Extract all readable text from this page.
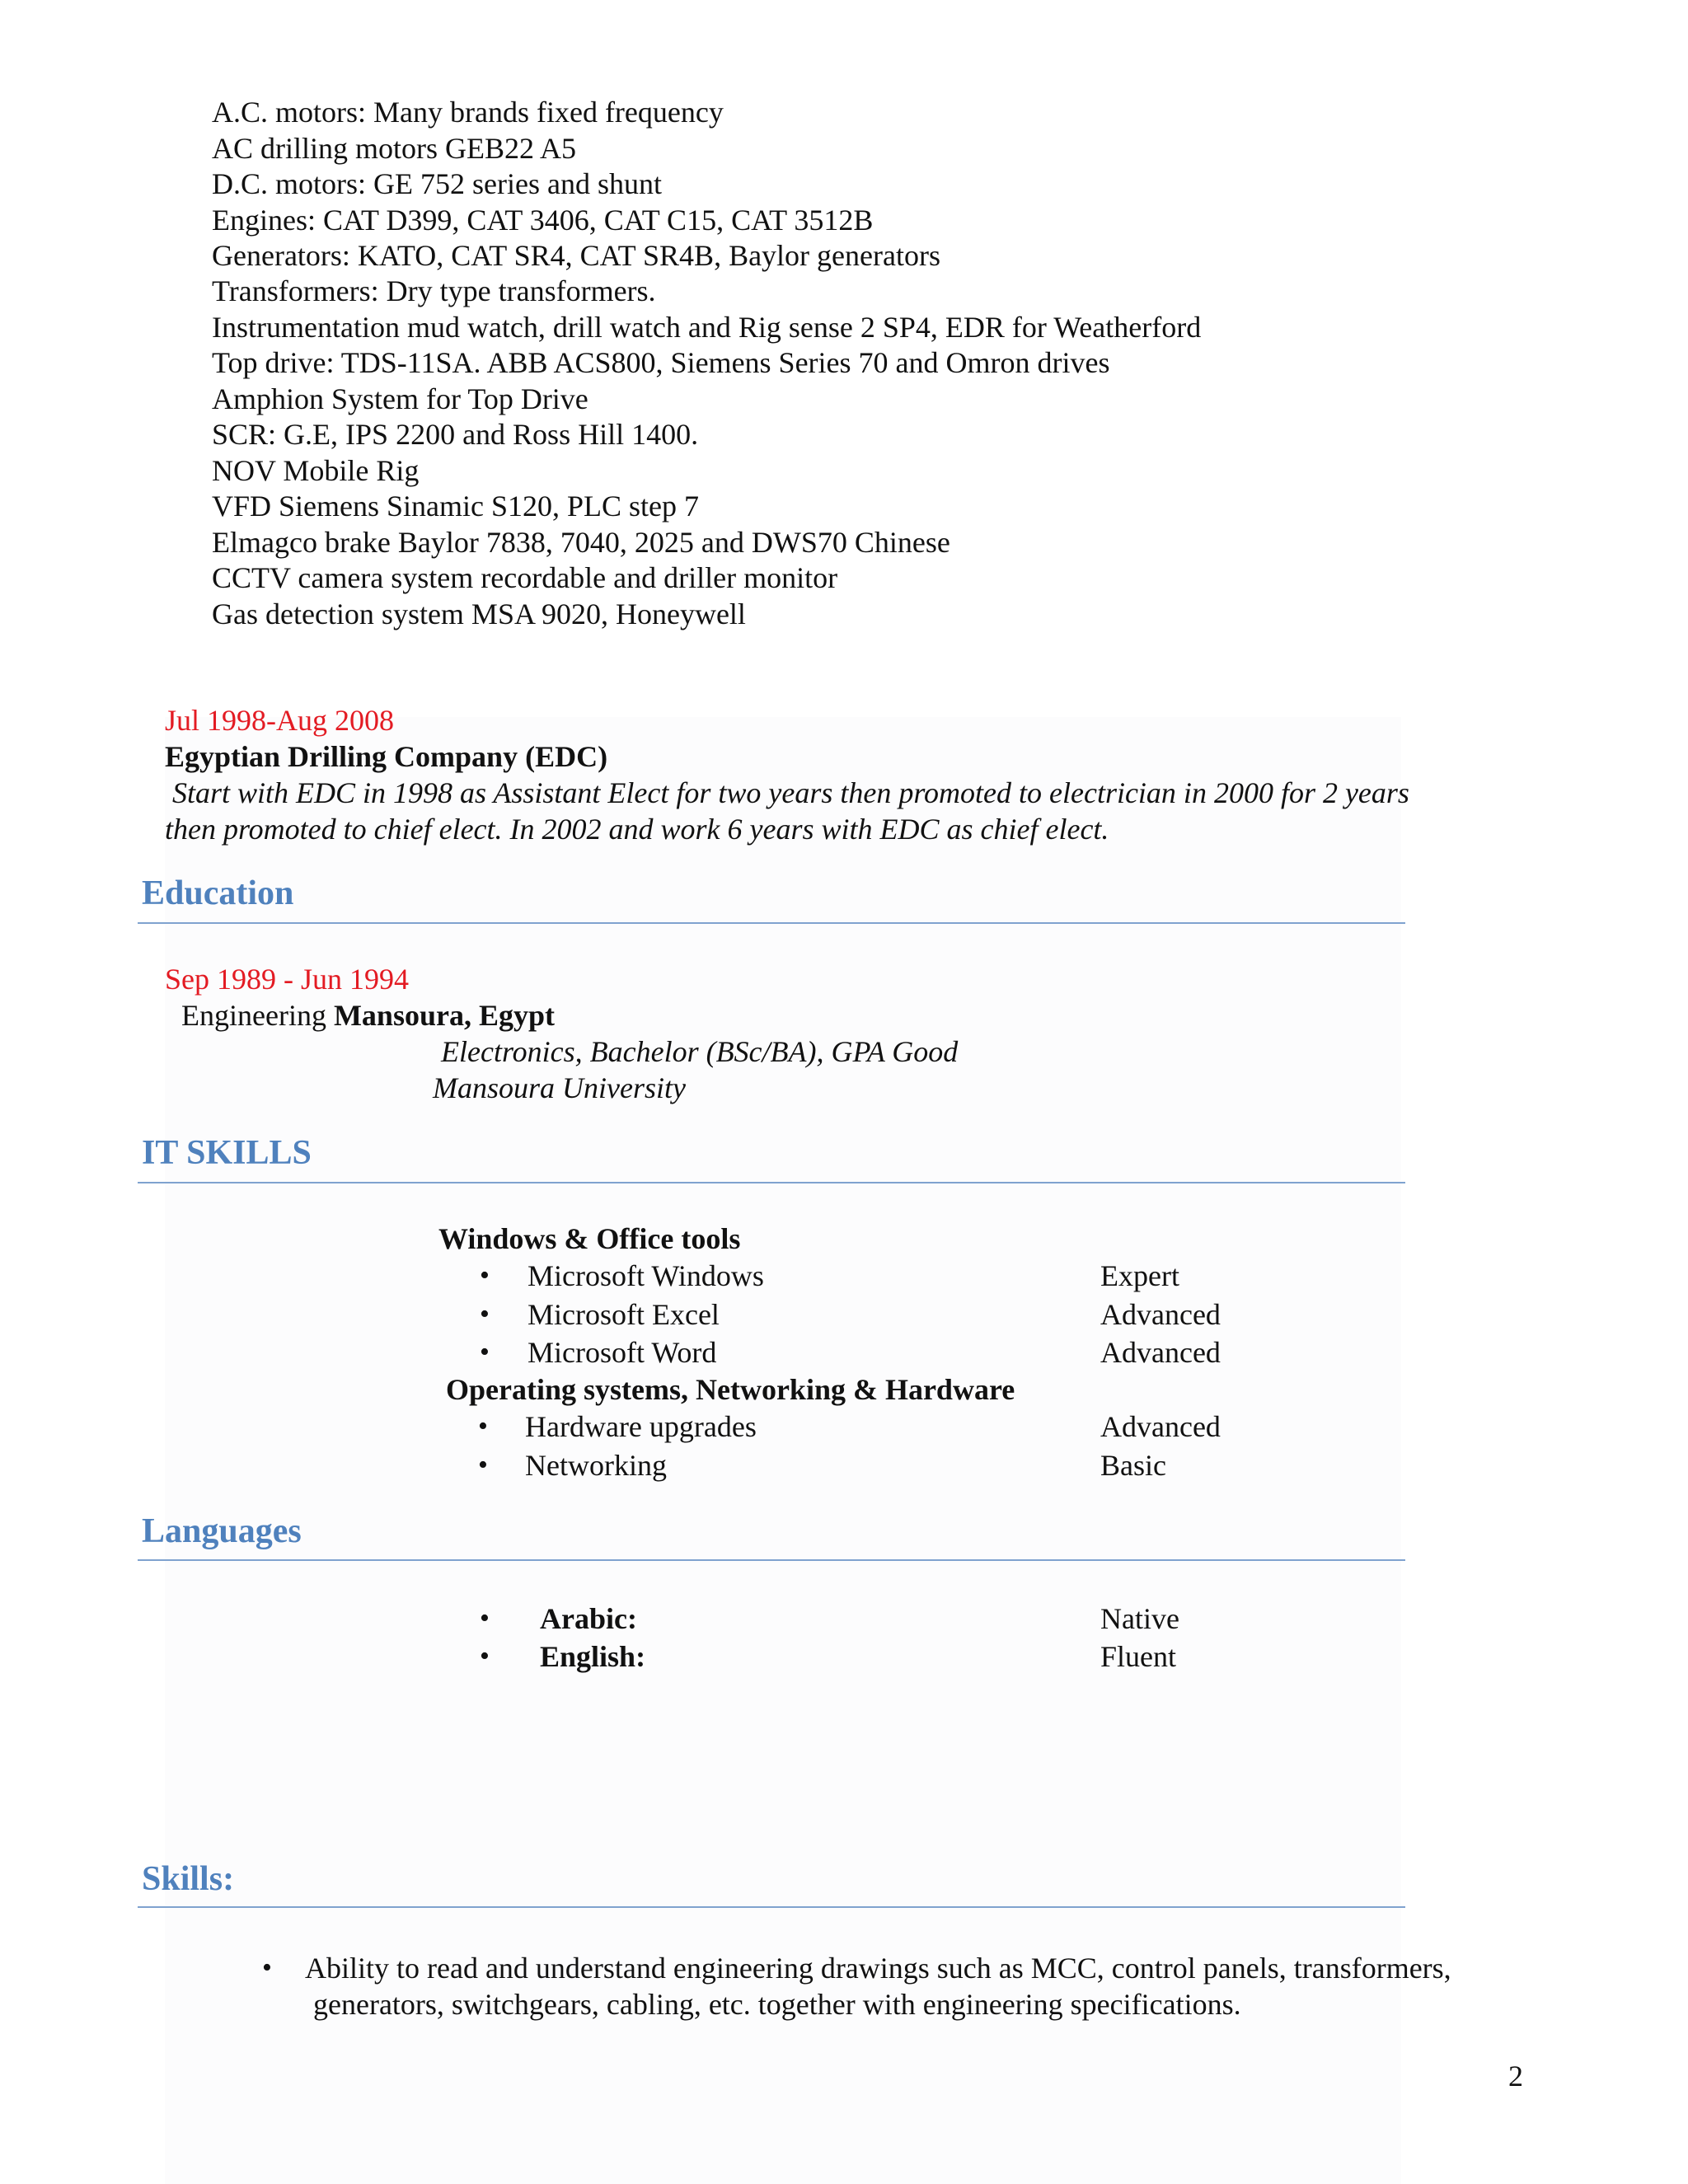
A.C. motors: Many brands fixed frequency

AC drilling motors GEB22 A5

D.C. motors: GE 752 series and shunt

Engines: CAT D399, CAT 3406, CAT C15, CAT 3512B

Generators: KATO, CAT SR4, CAT SR4B, Baylor generators

Transformers: Dry type transformers.

Instrumentation mud watch, drill watch and Rig sense 2 SP4, EDR for Weatherford

Top drive: TDS-11SA. ABB ACS800, Siemens Series 70 and Omron drives

Amphion System for Top Drive

SCR: G.E, IPS 2200 and Ross Hill 1400.

NOV Mobile Rig

VFD Siemens Sinamic S120, PLC step 7

Elmagco brake Baylor 7838, 7040, 2025 and DWS70 Chinese

CCTV camera system recordable and driller monitor

Gas detection system MSA 9020, Honeywell

Jul 1998-Aug 2008

Egyptian Drilling Company (EDC)

Start with EDC in 1998 as Assistant Elect for two years then promoted to electrician in 2000 for 2 years

then promoted to chief elect. In 2002 and work 6 years with EDC as chief elect.

Education

Sep 1989 - Jun 1994

Engineering Mansoura, Egypt

Electronics, Bachelor (BSc/BA), GPA Good

Mansoura University

IT SKILLS

Windows & Office tools

• Microsoft Windows	Expert

• Microsoft Excel	Advanced

• Microsoft Word	Advanced

Operating systems, Networking & Hardware

• Hardware upgrades	Advanced

• Networking	Basic

Languages
• Arabic:	Native

• English:	Fluent

Skills:
• Ability to read and understand engineering drawings such as MCC, control panels, transformers,

generators, switchgears, cabling, etc. together with engineering specifications.

2
